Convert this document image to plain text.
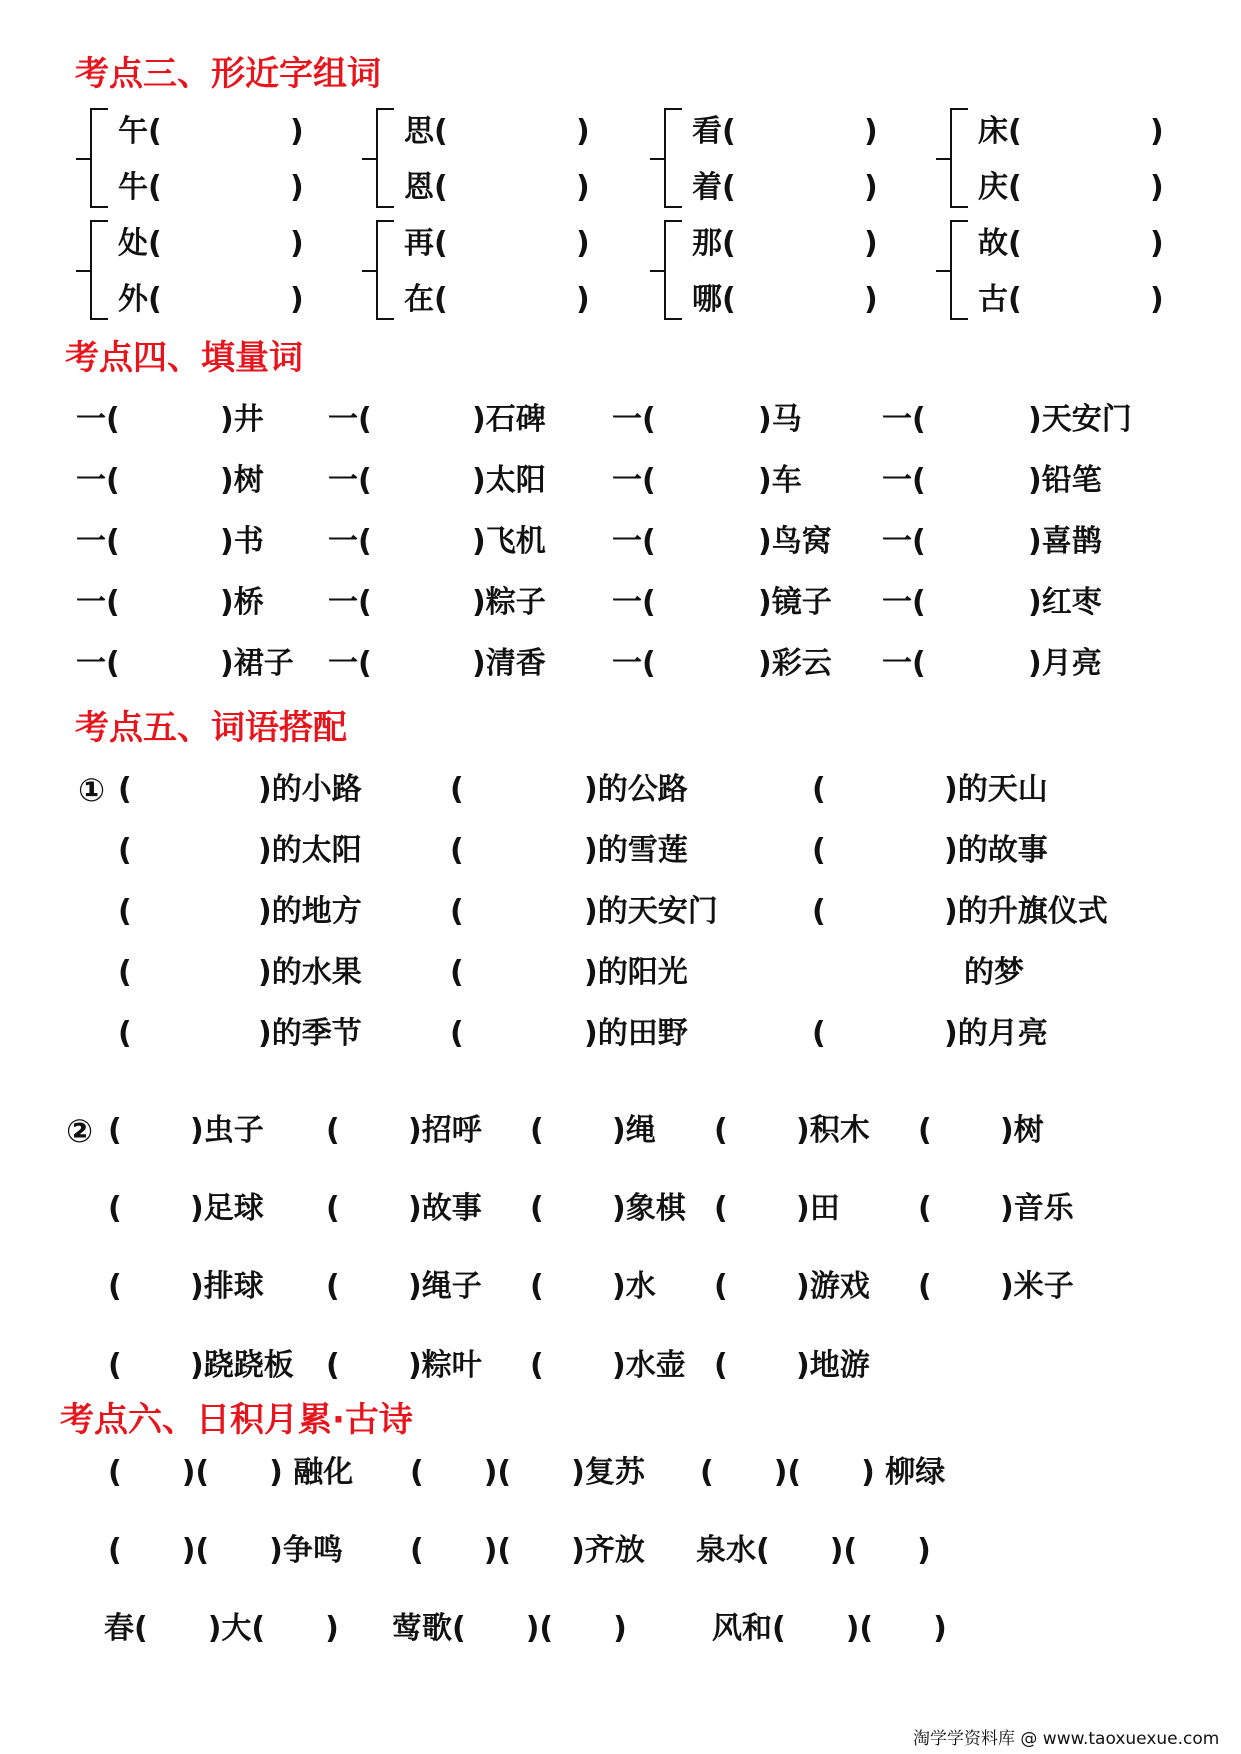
考点三、形近字组词
午(	)
牛(	)
思(	)
恩(	)
看(	)
着(	)
床(	)
庆(	)
处(	)
外(	)
再(	)
在(	)
那(	)
哪(	)
故(	)
古(	)
考点四、填量词
一(	)井 一(	)石碑 一(	)马	一(	)天安门
一(	)树 一(	)太阳 一(	)车	一(	)铅笔
一(	)书 一(	)飞机 一(	)鸟窝 一(	)喜鹊
一(	)桥 一(	)粽子 一(	)镜子 一(	)红枣
一(	)裙子 一(	)清香 一(	)彩云 一(	)月亮
考点五、词语搭配
① (	)的小路	(	)的公路	(	)的天山
(	)的太阳	(	)的雪莲	(	)的故事
(	)的地方	(	)的天安门	(	)的升旗仪式
(	)的水果	(	)的阳光	的梦
(	)的季节	(	)的田野	(	)的月亮
② ( )虫子 ( )招呼 ( )绳 ( )积木 ( )树
( )足球 ( )故事 ( )象棋 ( )田	( )音乐
( )排球 ( )绳子 ( )水 ( )游戏 ( )米子
( )跷跷板 ( )粽叶 ( )水壶 ( )地游
考点六、日积月累·古诗
(　　)(　　) 融化 (　　)(　　)复苏 (　　)(　　) 柳绿
(　　)(　　)争鸣 (　　)(　　)齐放 泉水(　　)(　　)
春(　　)大(　　) 莺歌(　　)(　　)	风和(　　)(　　)
淘学学资料库 @ www.taoxuexue.com
